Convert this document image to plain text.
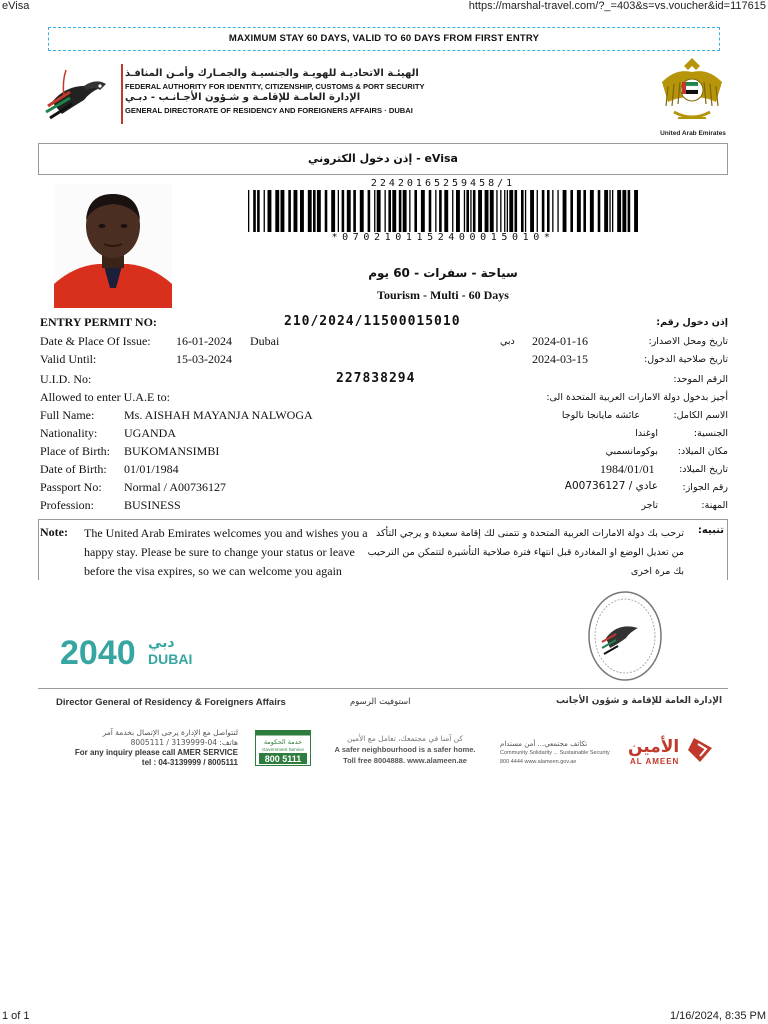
eVisa	https://marshal-travel.com/?_=403&s=vs.voucher&id=117615
MAXIMUM STAY 60 DAYS, VALID TO 60 DAYS FROM FIRST ENTRY
الهيئـة الاتحاديـة للهويـة والجنسيـة والجمـارك وأمـن المنافـذ
FEDERAL AUTHORITY FOR IDENTITY, CITIZENSHIP, CUSTOMS & PORT SECURITY
الإدارة العامـة للإقامـة و شـؤون الأجـانـب - دبـي
GENERAL DIRECTORATE OF RESIDENCY AND FOREIGNERS AFFAIRS · DUBAI
United Arab Emirates
إذن دخول الكتروني - eVisa
22420165259458/1
*0702101152400015010*
سياحة - سفرات - 60 يوم
Tourism - Multi - 60 Days
ENTRY PERMIT NO:	210/2024/11500015010	إذن دخول رقم:
Date & Place Of Issue: 16-01-2024 Dubai	دبي 2024-01-16	تاريخ ومحل الاصدار:
Valid Until:	15-03-2024	2024-03-15	تاريخ صلاحية الدخول:
U.I.D. No:	227838294	الرقم الموحد:
Allowed to enter U.A.E to:	أجيز بدخول دولة الامارات العربية المتحدة الى:
Full Name: Ms. AISHAH MAYANJA NALWOGA	عائشه مايانجا نالوجا	الاسم الكامل:
Nationality: UGANDA	اوغندا	الجنسية:
Place of Birth: BUKOMANSIMBI	بوكومانسمبي مكان الميلاد:
Date of Birth: 01/01/1984	1984/01/01	تاريخ الميلاد:
Passport No: Normal / A00736127	عادي / A00736127	رقم الجواز:
Profession:	BUSINESS	تاجر	المهنة:
Note: The United Arab Emirates welcomes you and wishes you a happy stay. Please be sure to change your status or leave before the visa expires, so we can welcome you again
تنبيه:
ترحب بك دولة الامارات العربية المتحدة و تتمنى لك إقامة سعيدة و يرجي التأكد من تعديل الوضع او المغادرة قبل انتهاء فترة صلاحية التأشيرة لتتمكن من الترحيب بك مرة اخرى
2040 دبي
DUBAI
Director General of Residency & Foreigners Affairs	استوفيت الرسوم	الإدارة العامة للإقامة و شؤون الأجانب
لتتواصل مع الإدارة يرجى الإتصال بخدمة آمر
هاتف: 04-3139999 / 8005111
For any inquiry please call AMER SERVICE
tel : 04-3139999 / 8005111
خدمة الحكومة
Government Service
800 5111
كن آمنا في مجتمعك، تعامل مع الأمين
A safer neighbourhood is a safer home.
Toll free 8004888. www.alameen.ae
تكاتف مجتمعي... أمن مستدام
Community Solidarity ... Sustainable Security
800 4444 www.alameen.gov.ae
الأمين
AL AMEEN
1 of 1	1/16/2024, 8:35 PM
